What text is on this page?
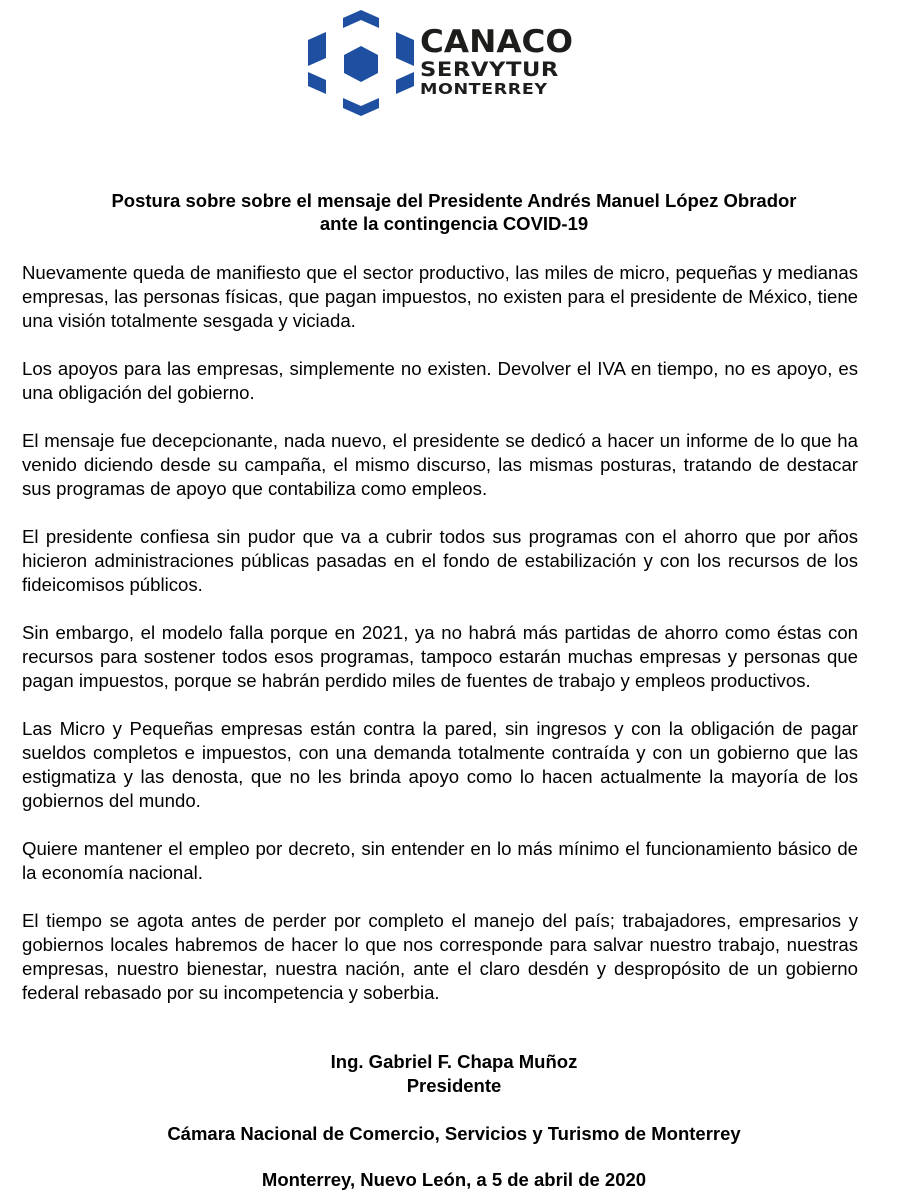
CANACO
SERVYTUR
MONTERREY
Postura sobre sobre el mensaje del Presidente Andrés Manuel López Obrador
ante la contingencia COVID-19

Nuevamente queda de manifiesto que el sector productivo, las miles de micro, pequeñas y medianas empresas, las personas físicas, que pagan impuestos, no existen para el presidente de México, tiene una visión totalmente sesgada y viciada.

Los apoyos para las empresas, simplemente no existen. Devolver el IVA en tiempo, no es apoyo, es una obligación del gobierno.

El mensaje fue decepcionante, nada nuevo, el presidente se dedicó a hacer un informe de lo que ha venido diciendo desde su campaña, el mismo discurso, las mismas posturas, tratando de destacar sus programas de apoyo que contabiliza como empleos.

El presidente confiesa sin pudor que va a cubrir todos sus programas con el ahorro que por años hicieron administraciones públicas pasadas en el fondo de estabilización y con los recursos de los fideicomisos públicos.

Sin embargo, el modelo falla porque en 2021, ya no habrá más partidas de ahorro como éstas con recursos para sostener todos esos programas, tampoco estarán muchas empresas y personas que pagan impuestos, porque se habrán perdido miles de fuentes de trabajo y empleos productivos.

Las Micro y Pequeñas empresas están contra la pared, sin ingresos y con la obligación de pagar sueldos completos e impuestos, con una demanda totalmente contraída y con un gobierno que las estigmatiza y las denosta, que no les brinda apoyo como lo hacen actualmente la mayoría de los gobiernos del mundo.

Quiere mantener el empleo por decreto, sin entender en lo más mínimo el funcionamiento básico de la economía nacional.

El tiempo se agota antes de perder por completo el manejo del país; trabajadores, empresarios y gobiernos locales habremos de hacer lo que nos corresponde para salvar nuestro trabajo, nuestras empresas, nuestro bienestar, nuestra nación, ante el claro desdén y despropósito de un gobierno federal rebasado por su incompetencia y soberbia.

Ing. Gabriel F. Chapa Muñoz
Presidente
Cámara Nacional de Comercio, Servicios y Turismo de Monterrey
Monterrey, Nuevo León, a 5 de abril de 2020
